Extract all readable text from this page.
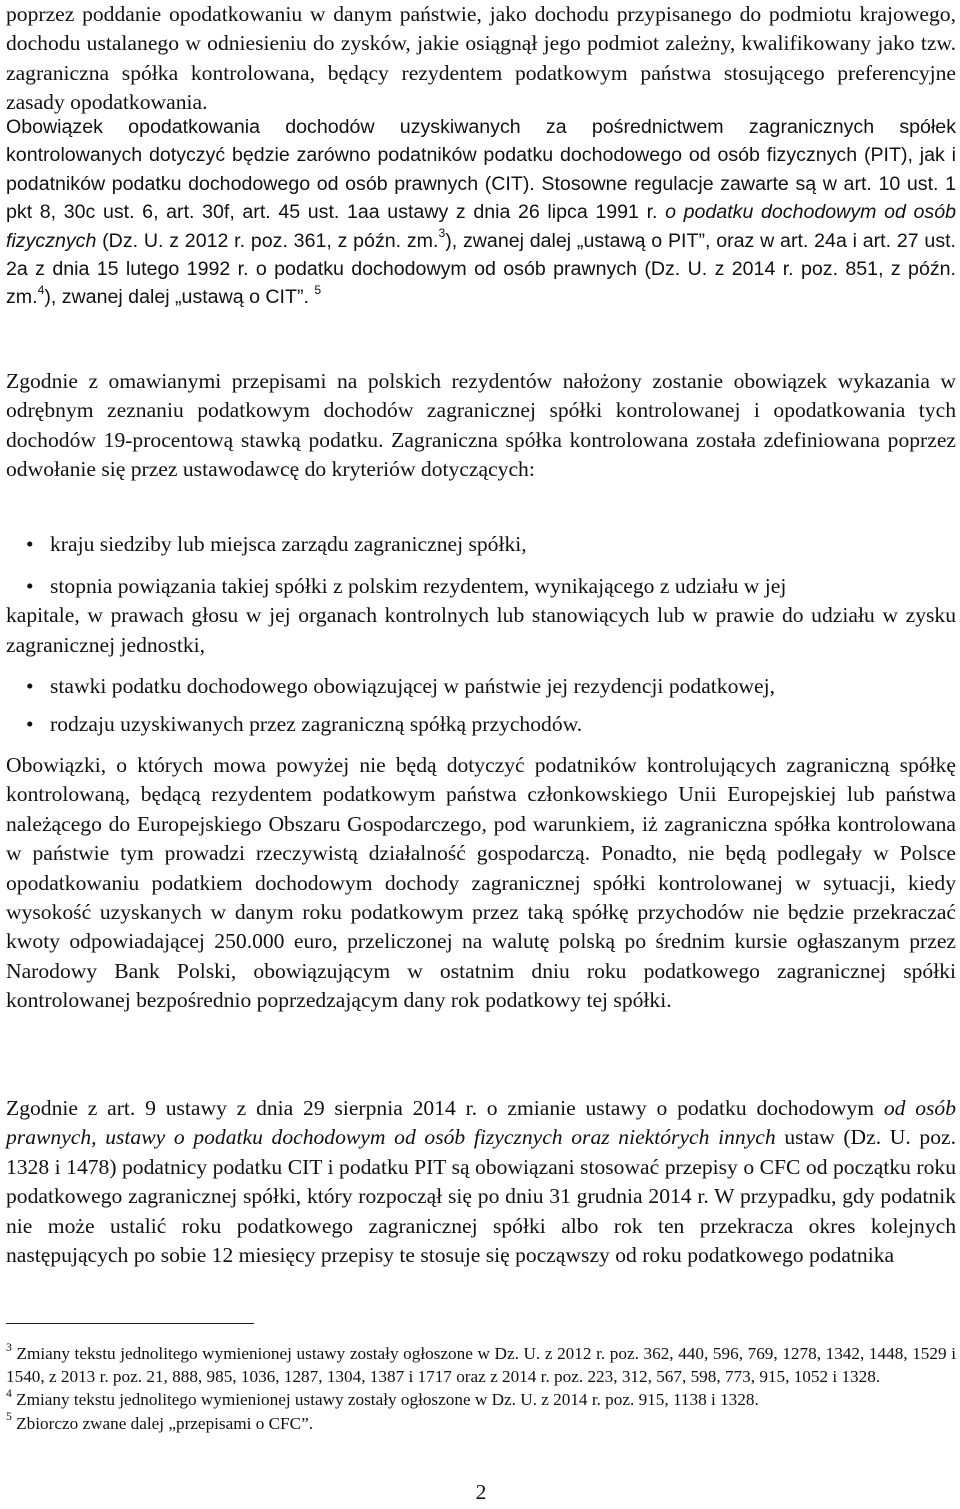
poprzez poddanie opodatkowaniu w danym państwie, jako dochodu przypisanego do podmiotu krajowego, dochodu ustalanego w odniesieniu do zysków, jakie osiągnął jego podmiot zależny, kwalifikowany jako tzw. zagraniczna spółka kontrolowana, będący rezydentem podatkowym państwa stosującego preferencyjne zasady opodatkowania.

Obowiązek opodatkowania dochodów uzyskiwanych za pośrednictwem zagranicznych spółek kontrolowanych dotyczyć będzie zarówno podatników podatku dochodowego od osób fizycznych (PIT), jak i podatników podatku dochodowego od osób prawnych (CIT). Stosowne regulacje zawarte są w art. 10 ust. 1 pkt 8, 30c ust. 6, art. 30f, art. 45 ust. 1aa ustawy z dnia 26 lipca 1991 r. o podatku dochodowym od osób fizycznych (Dz. U. z 2012 r. poz. 361, z późn. zm.$^3$), zwanej dalej „ustawą o PIT”, oraz w art. 24a i art. 27 ust. 2a z dnia 15 lutego 1992 r. o podatku dochodowym od osób prawnych (Dz. U. z 2014 r. poz. 851, z późn. zm.$^4$), zwanej dalej „ustawą o CIT”. $^5$

Zgodnie z omawianymi przepisami na polskich rezydentów nałożony zostanie obowiązek wykazania w odrębnym zeznaniu podatkowym dochodów zagranicznej spółki kontrolowanej i opodatkowania tych dochodów 19-procentową stawką podatku. Zagraniczna spółka kontrolowana została zdefiniowana poprzez odwołanie się przez ustawodawcę do kryteriów dotyczących:

• kraju siedziby lub miejsca zarządu zagranicznej spółki,
• stopnia powiązania takiej spółki z polskim rezydentem, wynikającego z udziału w jej

kapitale, w prawach głosu w jej organach kontrolnych lub stanowiących lub w prawie do udziału w zysku zagranicznej jednostki,

• stawki podatku dochodowego obowiązującej w państwie jej rezydencji podatkowej,
• rodzaju uzyskiwanych przez zagraniczną spółką przychodów.

Obowiązki, o których mowa powyżej nie będą dotyczyć podatników kontrolujących zagraniczną spółkę kontrolowaną, będącą rezydentem podatkowym państwa członkowskiego Unii Europejskiej lub państwa należącego do Europejskiego Obszaru Gospodarczego, pod warunkiem, iż zagraniczna spółka kontrolowana w państwie tym prowadzi rzeczywistą działalność gospodarczą. Ponadto, nie będą podlegały w Polsce opodatkowaniu podatkiem dochodowym dochody zagranicznej spółki kontrolowanej w sytuacji, kiedy wysokość uzyskanych w danym roku podatkowym przez taką spółkę przychodów nie będzie przekraczać kwoty odpowiadającej 250.000 euro, przeliczonej na walutę polską po średnim kursie ogłaszanym przez Narodowy Bank Polski, obowiązującym w ostatnim dniu roku podatkowego zagranicznej spółki kontrolowanej bezpośrednio poprzedzającym dany rok podatkowy tej spółki.

Zgodnie z art. 9 ustawy z dnia 29 sierpnia 2014 r. o zmianie ustawy o podatku dochodowym od osób prawnych, ustawy o podatku dochodowym od osób fizycznych oraz niektórych innych ustaw (Dz. U. poz. 1328 i 1478) podatnicy podatku CIT i podatku PIT są obowiązani stosować przepisy o CFC od początku roku podatkowego zagranicznej spółki, który rozpoczął się po dniu 31 grudnia 2014 r. W przypadku, gdy podatnik nie może ustalić roku podatkowego zagranicznej spółki albo rok ten przekracza okres kolejnych następujących po sobie 12 miesięcy przepisy te stosuje się począwszy od roku podatkowego podatnika

$^3$ Zmiany tekstu jednolitego wymienionej ustawy zostały ogłoszone w Dz. U. z 2012 r. poz. 362, 440, 596, 769, 1278, 1342, 1448, 1529 i 1540, z 2013 r. poz. 21, 888, 985, 1036, 1287, 1304, 1387 i 1717 oraz z 2014 r. poz. 223, 312, 567, 598, 773, 915, 1052 i 1328.

$^4$ Zmiany tekstu jednolitego wymienionej ustawy zostały ogłoszone w Dz. U. z 2014 r. poz. 915, 1138 i 1328.

$^5$ Zbiorczo zwane dalej „przepisami o CFC”.

2
